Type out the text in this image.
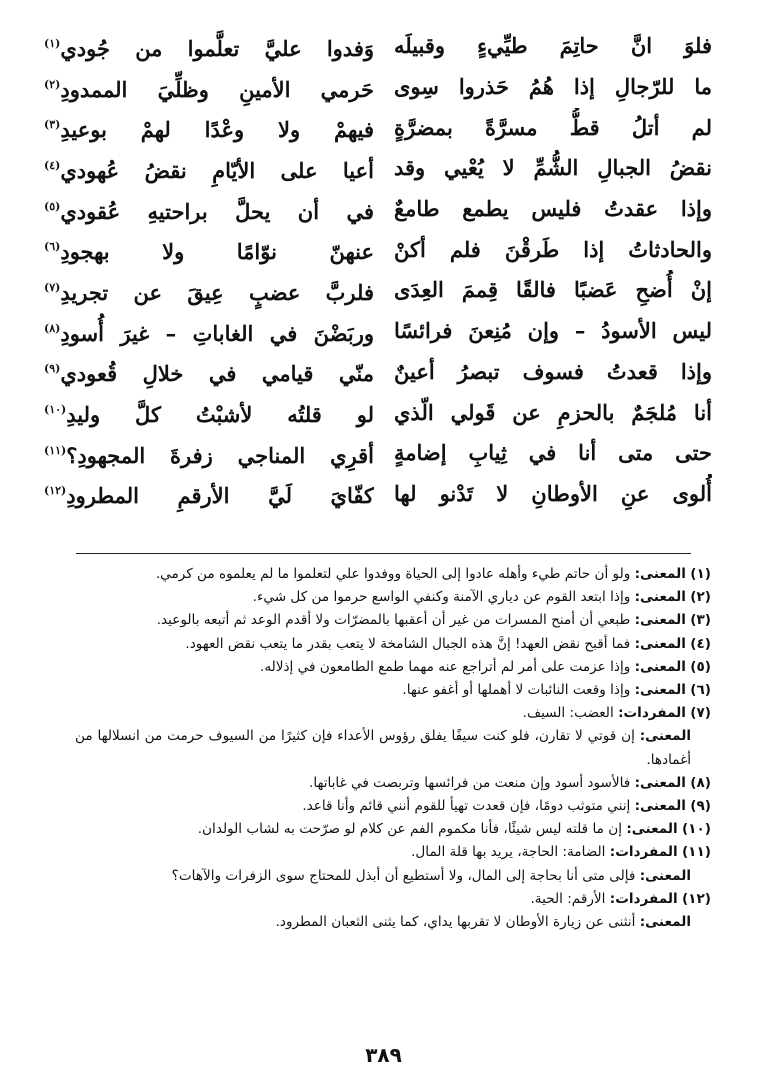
فلوَ انَّ حاتِمَ طيِّيءٍ وقبيلَه
وَفدوا عليَّ تعلَّموا من جُودي$^{(١)}$
ما للرّجالِ إذا هُمُ حَذروا سِوى
حَرمي الأمينِ وظلِّيَ الممدودِ$^{(٢)}$
لم أتلُ قطُّ مسرَّةً بمضرَّةٍ
فيهمْ ولا وعْدًا لهمْ بوعيدِ$^{(٣)}$
نقضُ الجبالِ الشُّمِّ لا يُعْيي وقد
أعيا على الأيّامِ نقضُ عُهودي$^{(٤)}$
وإذا عقدتُ فليس يطمع طامعٌ
في أن يحلَّ براحتيهِ عُقودي$^{(٥)}$
والحادثاتُ إذا طَرقْنَ فلم أكنْ
عنهنّ نوّامًا ولا بهجودِ$^{(٦)}$
إنْ أُضحِ عَضبًا فالقًا قِممَ العِدَى
فلربَّ عضبٍ عِيقَ عن تجريدِ$^{(٧)}$
ليس الأسودُ – وإن مُنِعنَ فرائسًا
وربَضْنَ في الغاباتِ – غيرَ أُسودِ$^{(٨)}$
وإذا قعدتُ فسوف تبصرُ أعينٌ
منّي قيامي في خلالِ قُعودي$^{(٩)}$
أنا مُلجَمٌ بالحزمِ عن قَولي الّذي
لو قلتُه لأشبْتُ كلَّ وليدِ$^{(١٠)}$
حتى متى أنا في ثِيابِ إضامةٍ
أقرِي المناجي زفرةَ المجهودِ؟$^{(١١)}$
أُلوى عنِ الأوطانِ لا تَدْنو لها
كفّايَ لَيَّ الأرقمِ المطرودِ$^{(١٢)}$
(١) المعنى: ولو أن حاتم طيء وأهله عادوا إلى الحياة ووفدوا علي لتعلموا ما لم يعلموه من كرمي.
(٢) المعنى: وإذا ابتعد القوم عن دياري الآمنة وكنفي الواسع حرموا من كل شيء.
(٣) المعنى: طبعي أن أمنح المسرات من غير أن أعقبها بالمضرّات ولا أقدم الوعد ثم أتبعه بالوعيد.
(٤) المعنى: فما أقبح نقض العهد! إنَّ هذه الجبال الشامخة لا يتعب بقدر ما يتعب نقض العهود.
(٥) المعنى: وإذا عزمت على أمر لم أتراجع عنه مهما طمع الطامعون في إذلاله.
(٦) المعنى: وإذا وقعت النائبات لا أهملها أو أغفو عنها.
(٧) المفردات: العضب: السيف.
المعنى: إن قوتي لا تقارن، فلو كنت سيفًا يفلق رؤوس الأعداء فإن كثيرًا من السيوف حرمت من انسلالها من أغمادها.
(٨) المعنى: فالأسود أسود وإن منعت من فرائسها وتربصت في غاباتها.
(٩) المعنى: إنني متوثب دومًا، فإن قعدت تهيأ للقوم أنني قائم وأنا قاعد.
(١٠) المعنى: إن ما قلته ليس شيئًا، فأنا مكموم الفم عن كلام لو صرّحت به لشاب الولدان.
(١١) المفردات: الضامة: الحاجة، يريد بها قلة المال.
المعنى: فإلى متى أنا بحاجة إلى المال، ولا أستطيع أن أبذل للمحتاج سوى الزفرات والآهات؟
(١٢) المفردات: الأرقم: الحية.
المعنى: أنثنى عن زيارة الأوطان لا تقربها يداي، كما يثنى الثعبان المطرود.
٣٨٩
